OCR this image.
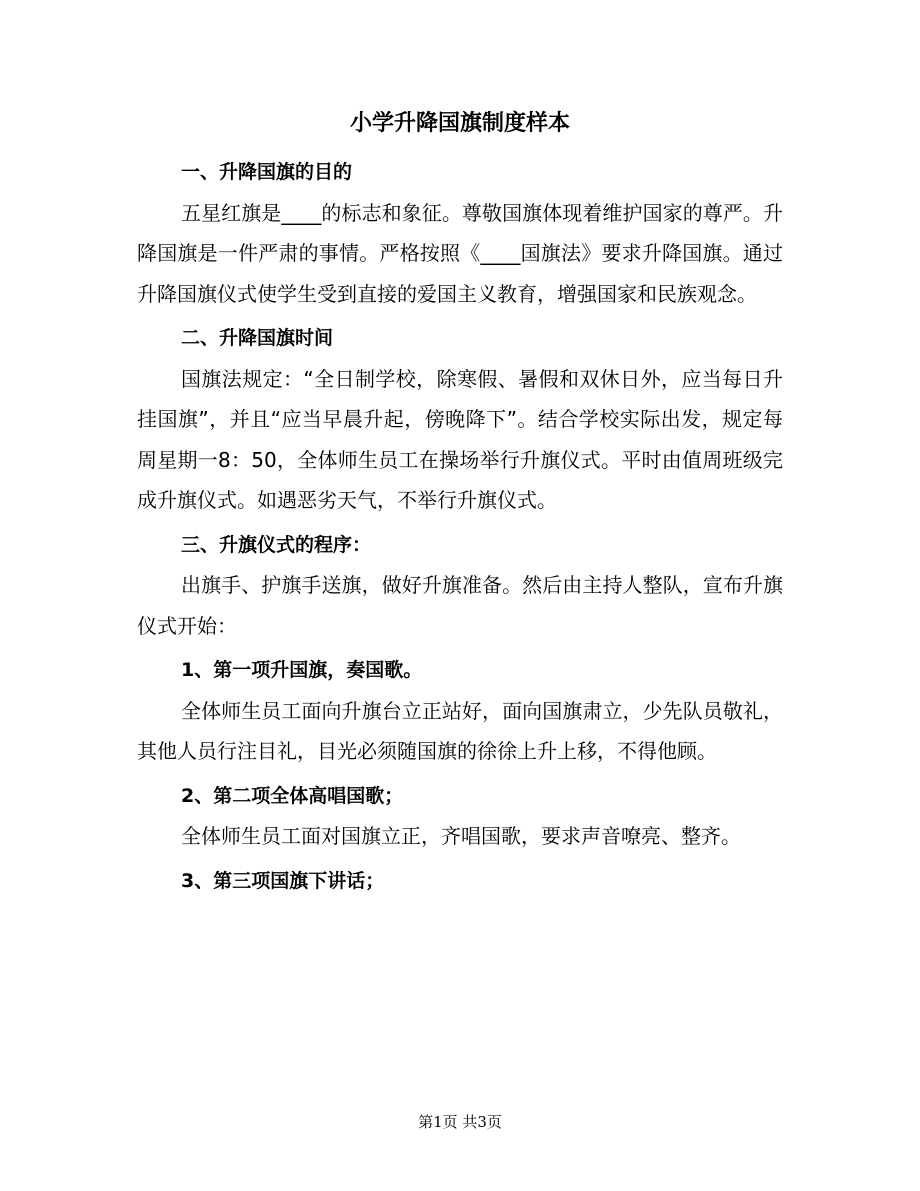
小学升降国旗制度样本

一、升降国旗的目的

五星红旗是____的标志和象征。尊敬国旗体现着维护国家的尊严。升降国旗是一件严肃的事情。严格按照《____国旗法》要求升降国旗。通过升降国旗仪式使学生受到直接的爱国主义教育，增强国家和民族观念。

二、升降国旗时间

国旗法规定：“全日制学校，除寒假、暑假和双休日外，应当每日升挂国旗”，并且“应当早晨升起，傍晚降下”。结合学校实际出发，规定每周星期一8：50，全体师生员工在操场举行升旗仪式。平时由值周班级完成升旗仪式。如遇恶劣天气，不举行升旗仪式。

三、升旗仪式的程序：

出旗手、护旗手送旗，做好升旗准备。然后由主持人整队，宣布升旗仪式开始：

1、第一项升国旗，奏国歌。

全体师生员工面向升旗台立正站好，面向国旗肃立，少先队员敬礼，其他人员行注目礼，目光必须随国旗的徐徐上升上移，不得他顾。

2、第二项全体高唱国歌；

全体师生员工面对国旗立正，齐唱国歌，要求声音嘹亮、整齐。

3、第三项国旗下讲话；

第1页 共3页
